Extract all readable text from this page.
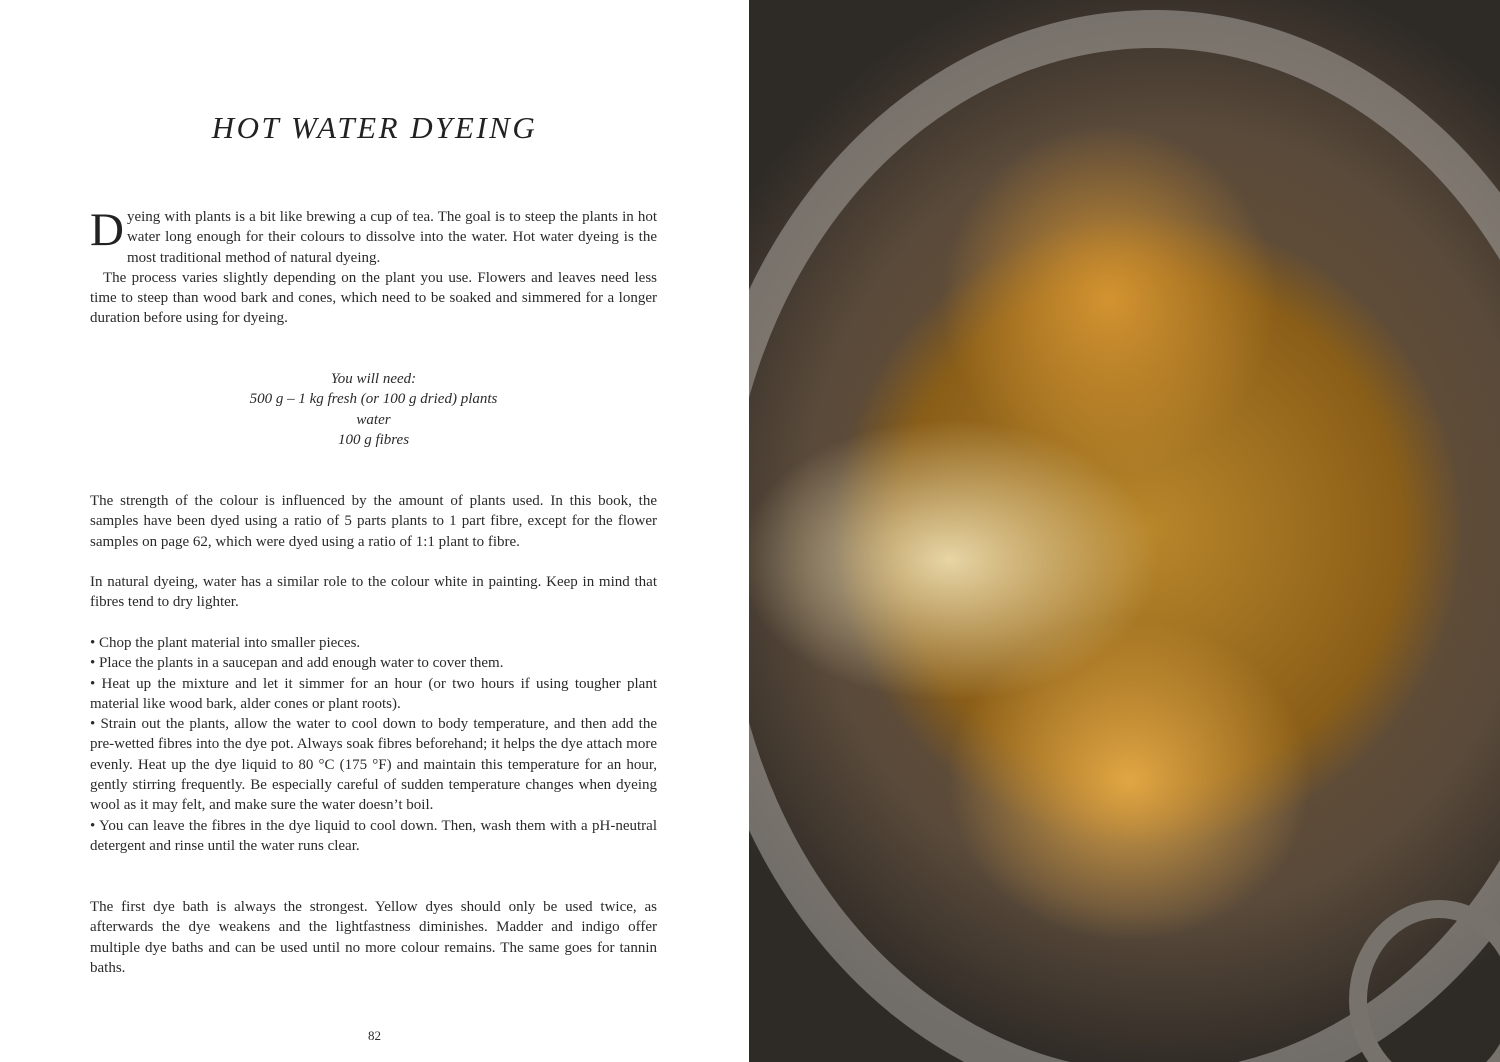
HOT WATER DYEING

Dyeing with plants is a bit like brewing a cup of tea. The goal is to steep the plants in hot water long enough for their colours to dissolve into the water. Hot water dyeing is the most traditional method of natural dyeing.

The process varies slightly depending on the plant you use. Flowers and leaves need less time to steep than wood bark and cones, which need to be soaked and simmered for a longer duration before using for dyeing.

You will need:
500 g – 1 kg fresh (or 100 g dried) plants
water
100 g fibres
The strength of the colour is influenced by the amount of plants used. In this book, the samples have been dyed using a ratio of 5 parts plants to 1 part fibre, except for the flower samples on page 62, which were dyed using a ratio of 1:1 plant to fibre.
In natural dyeing, water has a similar role to the colour white in painting. Keep in mind that fibres tend to dry lighter.

• Chop the plant material into smaller pieces.

• Place the plants in a saucepan and add enough water to cover them.

• Heat up the mixture and let it simmer for an hour (or two hours if using tougher plant material like wood bark, alder cones or plant roots).

• Strain out the plants, allow the water to cool down to body temperature, and then add the pre-wetted fibres into the dye pot. Always soak fibres beforehand; it helps the dye attach more evenly. Heat up the dye liquid to 80 °C (175 °F) and maintain this temperature for an hour, gently stirring frequently. Be especially careful of sudden temperature changes when dyeing wool as it may felt, and make sure the water doesn’t boil.

• You can leave the fibres in the dye liquid to cool down. Then, wash them with a pH-neutral detergent and rinse until the water runs clear.

The first dye bath is always the strongest. Yellow dyes should only be used twice, as afterwards the dye weakens and the lightfastness diminishes. Madder and indigo offer multiple dye baths and can be used until no more colour remains. The same goes for tannin baths.
82
